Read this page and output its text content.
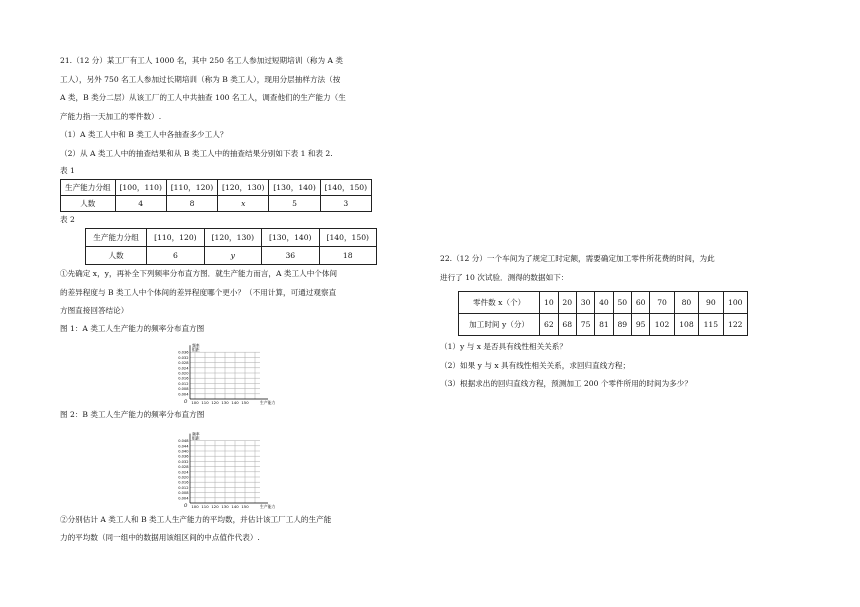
21.（12 分）某工厂有工人 1000 名，其中 250 名工人参加过短期培训（称为 A 类

工人），另外 750 名工人参加过长期培训（称为 B 类工人），现用分层抽样方法（按

A 类，B 类分二层）从该工厂的工人中共抽查 100 名工人，调查他们的生产能力（生

产能力指一天加工的零件数）.

（1）A 类工人中和 B 类工人中各抽查多少工人？

（2）从 A 类工人中的抽查结果和从 B 类工人中的抽查结果分别如下表 1 和表 2.

表 1

生产能力分组	[100，110)	[110，120)	[120，130)	[130，140)	[140，150)
人数	4	8	x	5	3

表 2

生产能力分组	[110，120)	[120，130)	[130，140)	[140，150)
人数	6	y	36	18

①先确定 x，y，再补全下列频率分布直方图．就生产能力而言，A 类工人中个体间

的差异程度与 B 类工人中个体间的差异程度哪个更小？（不用计算，可通过观察直

方图直接回答结论）

图 1：A 类工人生产能力的频率分布直方图

0.036
0.032
0.028
0.024
0.020
0.016
0.012
0.008
0.004
频率
组距
100 110 120 130 140 150	生产能力
O

图 2：B 类工人生产能力的频率分布直方图

0.048
0.044
0.040
0.036
0.032
0.028
0.024
0.020
0.016
0.012
0.008
0.004
频率
组距
100 110 120 130 140 150	生产能力
O

②分别估计 A 类工人和 B 类工人生产能力的平均数，并估计该工厂工人的生产能

力的平均数（同一组中的数据用该组区间的中点值作代表）.

22.（12 分）一个车间为了规定工时定额，需要确定加工零件所花费的时间，为此

进行了 10 次试验．测得的数据如下：

零件数 x（个）	10	20	30	40	50	60	70	80	90	100
加工时间 y（分）	62	68	75	81	89	95	102	108	115	122

（1）y 与 x 是否具有线性相关关系？

（2）如果 y 与 x 具有线性相关关系，求回归直线方程；

（3）根据求出的回归直线方程，预测加工 200 个零件所用的时间为多少？
